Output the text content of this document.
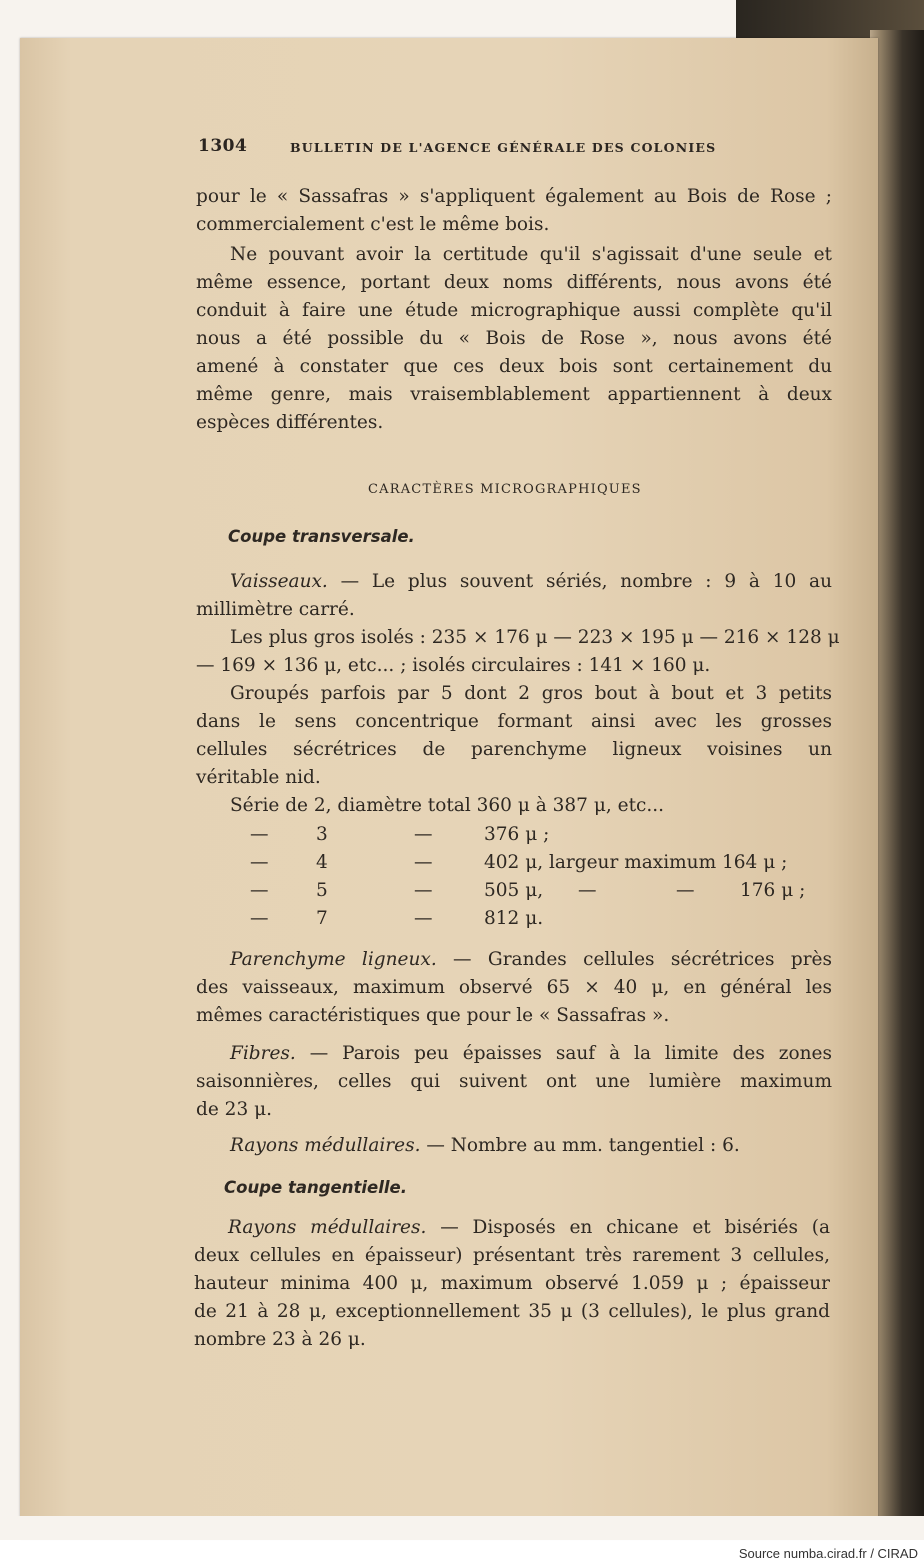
1304	BULLETIN DE L'AGENCE GÉNÉRALE DES COLONIES
pour le « Sassafras » s'appliquent également au Bois de Rose ;
commercialement c'est le même bois.
Ne pouvant avoir la certitude qu'il s'agissait d'une seule et
même essence, portant deux noms différents, nous avons été
conduit à faire une étude micrographique aussi complète qu'il
nous a été possible du « Bois de Rose », nous avons été
amené à constater que ces deux bois sont certainement du
même genre, mais vraisemblablement appartiennent à deux
espèces différentes.
CARACTÈRES MICROGRAPHIQUES
Coupe transversale.
Vaisseaux. — Le plus souvent sériés, nombre : 9 à 10 au
millimètre carré.
Les plus gros isolés : 235 × 176 μ — 223 × 195 μ — 216 × 128 μ
— 169 × 136 μ, etc... ; isolés circulaires : 141 × 160 μ.
Groupés parfois par 5 dont 2 gros bout à bout et 3 petits
dans le sens concentrique formant ainsi avec les grosses
cellules sécrétrices de parenchyme ligneux voisines un
véritable nid.
Série de 2, diamètre total 360 μ à 387 μ, etc...
—	3	—	376 μ ;
—	4	—	402 μ, largeur maximum 164 μ ;
—	5	—	505 μ, —	— 176 μ ;
—	7	—	812 μ.
Parenchyme ligneux. — Grandes cellules sécrétrices près
des vaisseaux, maximum observé 65 × 40 μ, en général les
mêmes caractéristiques que pour le « Sassafras ».
Fibres. — Parois peu épaisses sauf à la limite des zones
saisonnières, celles qui suivent ont une lumière maximum
de 23 μ.
Rayons médullaires. — Nombre au mm. tangentiel : 6.
Coupe tangentielle.
Rayons médullaires. — Disposés en chicane et bisériés (a
deux cellules en épaisseur) présentant très rarement 3 cellules,
hauteur minima 400 μ, maximum observé 1.059 μ ; épaisseur
de 21 à 28 μ, exceptionnellement 35 μ (3 cellules), le plus grand
nombre 23 à 26 μ.
Source numba.cirad.fr / CIRAD
